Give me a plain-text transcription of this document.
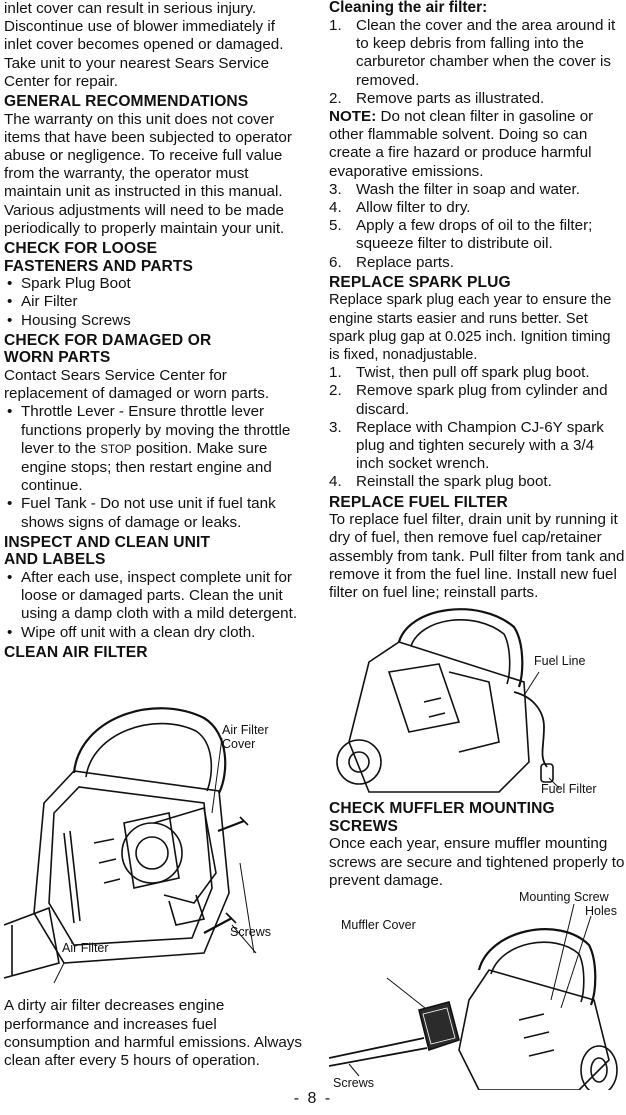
inlet cover can result in serious injury. Discontinue use of blower immediately if inlet cover becomes opened or damaged. Take unit to your nearest Sears Service Center for repair.

GENERAL RECOMMENDATIONS

The warranty on this unit does not cover items that have been subjected to operator abuse or negligence. To receive full value from the warranty, the operator must maintain unit as instructed in this manual. Various adjustments will need to be made periodically to properly maintain your unit.

CHECK FOR LOOSE FASTENERS AND PARTS
• Spark Plug Boot
• Air Filter
• Housing Screws
CHECK FOR DAMAGED OR WORN PARTS

Contact Sears Service Center for replacement of damaged or worn parts.

• Throttle Lever - Ensure throttle lever functions properly by moving the throttle lever to the STOP position. Make sure engine stops; then restart engine and continue.
• Fuel Tank - Do not use unit if fuel tank shows signs of damage or leaks.
INSPECT AND CLEAN UNIT AND LABELS
• After each use, inspect complete unit for loose or damaged parts. Clean the unit using a damp cloth with a mild detergent.
• Wipe off unit with a clean dry cloth.
CLEAN AIR FILTER
Air Filter Cover
Screws
Air Filter

A dirty air filter decreases engine performance and increases fuel consumption and harmful emissions. Always clean after every 5 hours of operation.

Cleaning the air filter:
1. Clean the cover and the area around it to keep debris from falling into the carburetor chamber when the cover is removed.
2. Remove parts as illustrated.

NOTE: Do not clean filter in gasoline or other flammable solvent. Doing so can create a fire hazard or produce harmful evaporative emissions.

3. Wash the filter in soap and water.
4. Allow filter to dry.
5. Apply a few drops of oil to the filter; squeeze filter to distribute oil.
6. Replace parts.
REPLACE SPARK PLUG

Replace spark plug each year to ensure the engine starts easier and runs better. Set spark plug gap at 0.025 inch. Ignition timing is fixed, nonadjustable.

1. Twist, then pull off spark plug boot.
2. Remove spark plug from cylinder and discard.
3. Replace with Champion CJ-6Y spark plug and tighten securely with a 3/4 inch socket wrench.
4. Reinstall the spark plug boot.
REPLACE FUEL FILTER

To replace fuel filter, drain unit by running it dry of fuel, then remove fuel cap/retainer assembly from tank. Pull filter from tank and remove it from the fuel line. Install new fuel filter on fuel line; reinstall parts.

Fuel Line
Fuel Filter
CHECK MUFFLER MOUNTING SCREWS

Once each year, ensure muffler mounting screws are secure and tightened properly to prevent damage.

Mounting Screw
Holes
Muffler Cover
Screws
- 8 -
